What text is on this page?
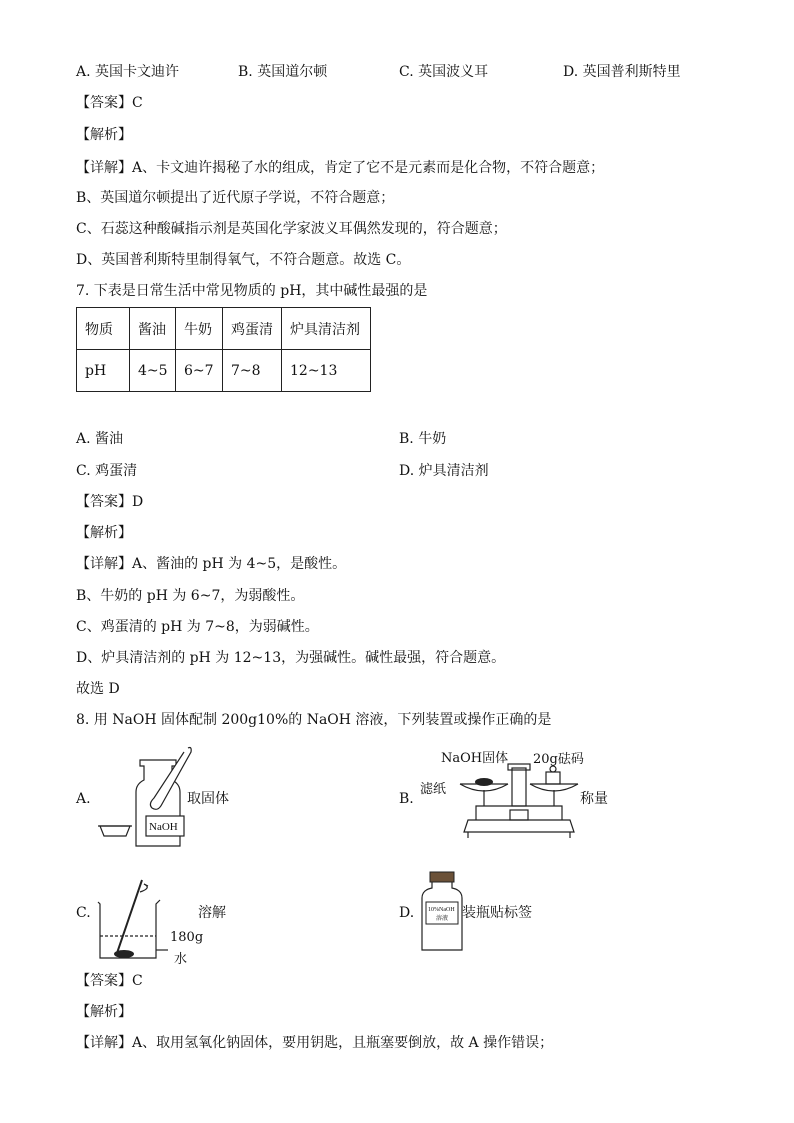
A. 英国卡文迪许	B. 英国道尔顿	C. 英国波义耳	D. 英国普利斯特里
【答案】C
【解析】
【详解】A、卡文迪许揭秘了水的组成，肯定了它不是元素而是化合物，不符合题意；
B、英国道尔顿提出了近代原子学说，不符合题意；
C、石蕊这种酸碱指示剂是英国化学家波义耳偶然发现的，符合题意；
D、英国普利斯特里制得氧气，不符合题意。故选 C。
7. 下表是日常生活中常见物质的 pH，其中碱性最强的是
物质	酱油	牛奶	鸡蛋清	炉具清洁剂
pH	4~5	6~7	7~8	12~13
A. 酱油	B. 牛奶
C. 鸡蛋清	D. 炉具清洁剂
【答案】D
【解析】
【详解】A、酱油的 pH 为 4~5，是酸性。
B、牛奶的 pH 为 6~7，为弱酸性。
C、鸡蛋清的 pH 为 7~8，为弱碱性。
D、炉具清洁剂的 pH 为 12~13，为强碱性。碱性最强，符合题意。
故选 D
8. 用 NaOH 固体配制 200g10%的 NaOH 溶液，下列装置或操作正确的是
A.
NaOH
取固体	B.
NaOH固体 20g砝码
滤纸
称量
C.	溶解
180g
水
D. 10%NaOH
溶液 装瓶贴标签
【答案】C
【解析】
【详解】A、取用氢氧化钠固体，要用钥匙，且瓶塞要倒放，故 A 操作错误；
